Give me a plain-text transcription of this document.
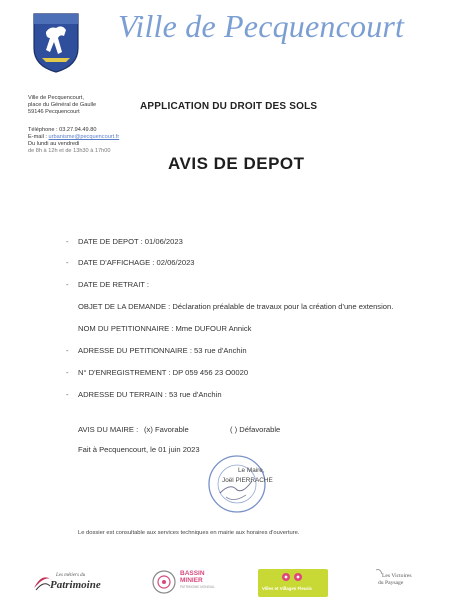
Ville de Pecquencourt
Ville de Pecquencourt,
place du Général de Gaulle
59146 Pecquencourt
Téléphone : 03.27.94.49.80
E-mail : urbanisme@pecquencourt.fr
Du lundi au vendredi
de 8h à 12h et de 13h30 à 17h00
APPLICATION DU DROIT DES SOLS
AVIS DE DEPOT
- DATE DE DEPOT : 01/06/2023
- DATE D'AFFICHAGE : 02/06/2023
- DATE DE RETRAIT :
OBJET DE LA DEMANDE : Déclaration préalable de travaux pour la création d'une extension.
NOM DU PETITIONNAIRE : Mme DUFOUR Annick
- ADRESSE DU PETITIONNAIRE : 53 rue d'Anchin
- N° D'ENREGISTREMENT : DP 059 456 23 O0020
- ADRESSE DU TERRAIN : 53 rue d'Anchin
AVIS DU MAIRE : (x) Favorable	( ) Défavorable
Fait à Pecquencourt, le 01 juin 2023
Le Maire,
Joël PIERRACHE
Le dossier est consultable aux services techniques en mairie aux horaires d'ouverture.
Les métiers du
Patrimoine
BASSIN
MINIER
PATRIMOINE MONDIAL	Villes et Villages Fleuris
Les Victoires
du Paysage
